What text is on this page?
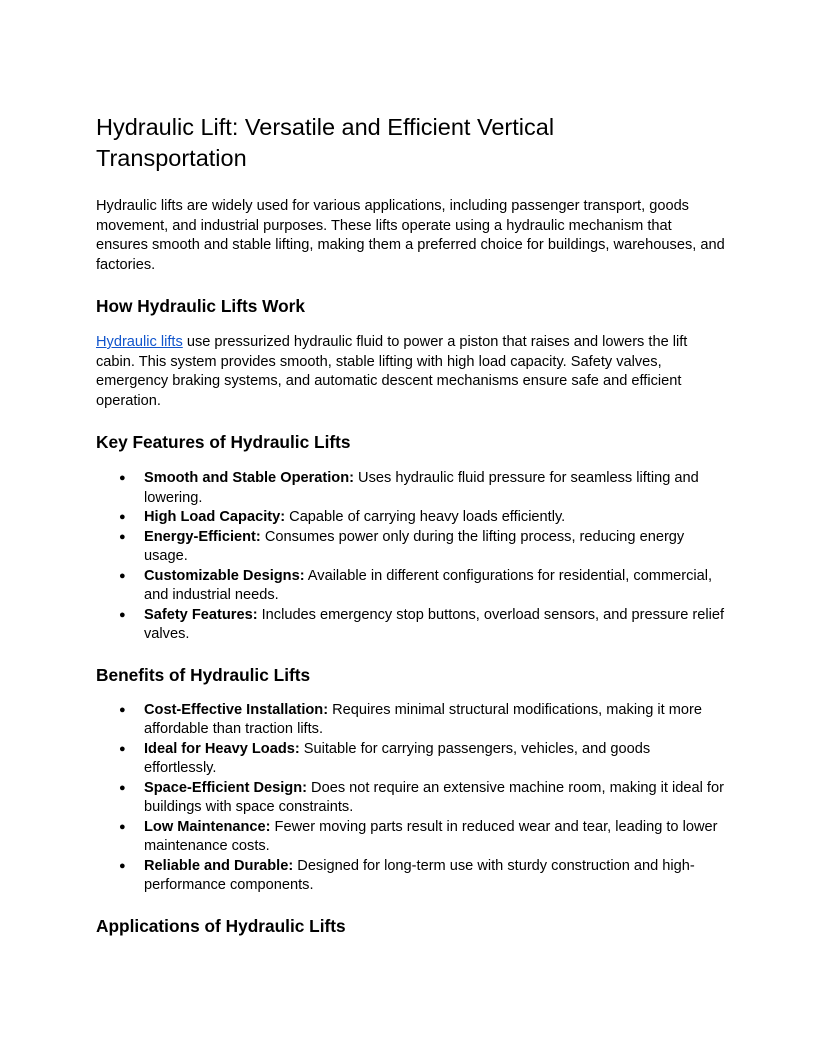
Hydraulic Lift: Versatile and Efficient Vertical Transportation

Hydraulic lifts are widely used for various applications, including passenger transport, goods movement, and industrial purposes. These lifts operate using a hydraulic mechanism that ensures smooth and stable lifting, making them a preferred choice for buildings, warehouses, and factories.

How Hydraulic Lifts Work

Hydraulic lifts use pressurized hydraulic fluid to power a piston that raises and lowers the lift cabin. This system provides smooth, stable lifting with high load capacity. Safety valves, emergency braking systems, and automatic descent mechanisms ensure safe and efficient operation.

Key Features of Hydraulic Lifts
● Smooth and Stable Operation: Uses hydraulic fluid pressure for seamless lifting and lowering.
● High Load Capacity: Capable of carrying heavy loads efficiently.
● Energy-Efficient: Consumes power only during the lifting process, reducing energy usage.
● Customizable Designs: Available in different configurations for residential, commercial, and industrial needs.
● Safety Features: Includes emergency stop buttons, overload sensors, and pressure relief valves.
Benefits of Hydraulic Lifts
● Cost-Effective Installation: Requires minimal structural modifications, making it more affordable than traction lifts.
● Ideal for Heavy Loads: Suitable for carrying passengers, vehicles, and goods effortlessly.
● Space-Efficient Design: Does not require an extensive machine room, making it ideal for buildings with space constraints.
● Low Maintenance: Fewer moving parts result in reduced wear and tear, leading to lower maintenance costs.
● Reliable and Durable: Designed for long-term use with sturdy construction and high-performance components.
Applications of Hydraulic Lifts
